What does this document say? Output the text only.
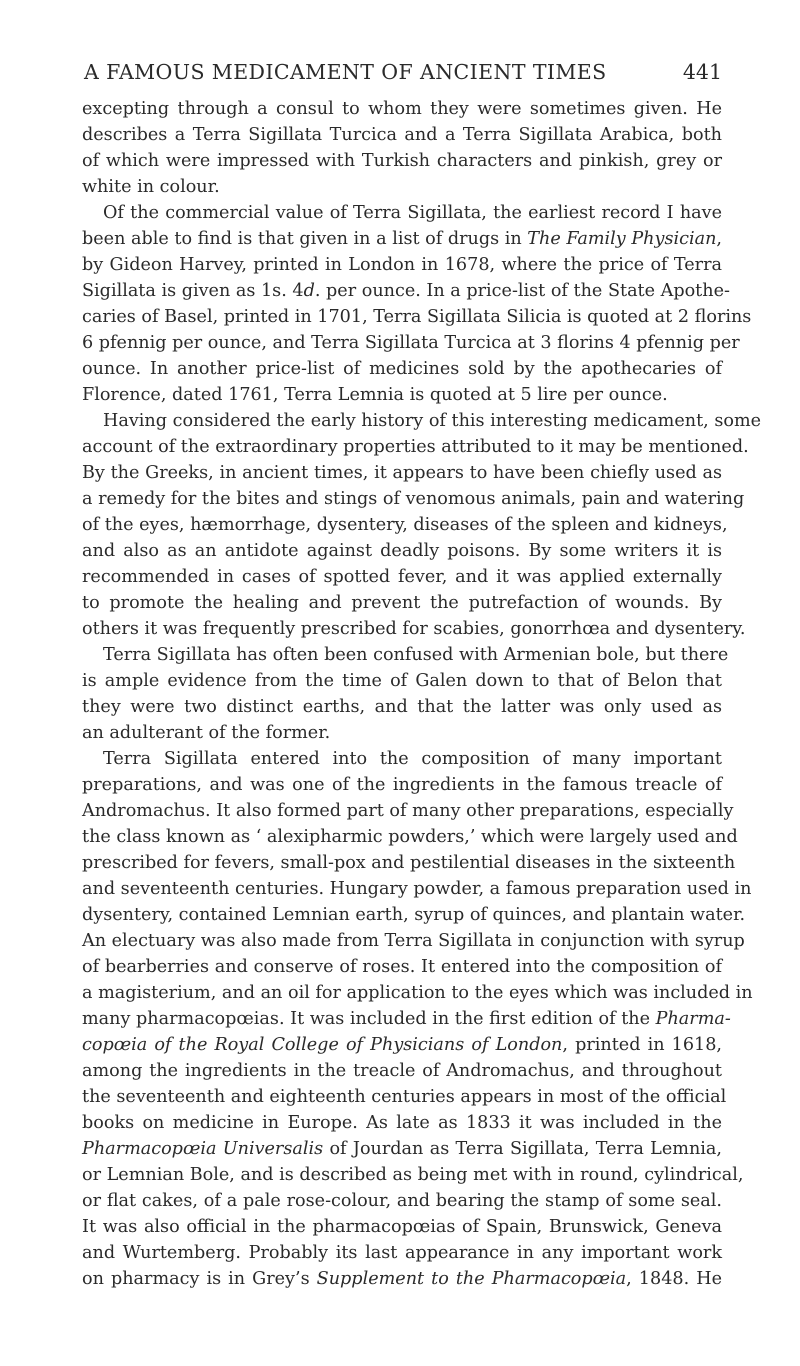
A FAMOUS MEDICAMENT OF ANCIENT TIMES	441
excepting through a consul to whom they were sometimes given. He
describes a Terra Sigillata Turcica and a Terra Sigillata Arabica, both
of which were impressed with Turkish characters and pinkish, grey or
white in colour.
Of the commercial value of Terra Sigillata, the earliest record I have
been able to find is that given in a list of drugs in The Family Physician,
by Gideon Harvey, printed in London in 1678, where the price of Terra
Sigillata is given as 1s. 4d. per ounce. In a price-list of the State Apothe-
caries of Basel, printed in 1701, Terra Sigillata Silicia is quoted at 2 florins
6 pfennig per ounce, and Terra Sigillata Turcica at 3 florins 4 pfennig per
ounce. In another price-list of medicines sold by the apothecaries of
Florence, dated 1761, Terra Lemnia is quoted at 5 lire per ounce.
Having considered the early history of this interesting medicament, some
account of the extraordinary properties attributed to it may be mentioned.
By the Greeks, in ancient times, it appears to have been chiefly used as
a remedy for the bites and stings of venomous animals, pain and watering
of the eyes, hæmorrhage, dysentery, diseases of the spleen and kidneys,
and also as an antidote against deadly poisons. By some writers it is
recommended in cases of spotted fever, and it was applied externally
to promote the healing and prevent the putrefaction of wounds. By
others it was frequently prescribed for scabies, gonorrhœa and dysentery.
Terra Sigillata has often been confused with Armenian bole, but there
is ample evidence from the time of Galen down to that of Belon that
they were two distinct earths, and that the latter was only used as
an adulterant of the former.
Terra Sigillata entered into the composition of many important
preparations, and was one of the ingredients in the famous treacle of
Andromachus. It also formed part of many other preparations, especially
the class known as ‘ alexipharmic powders,’ which were largely used and
prescribed for fevers, small-pox and pestilential diseases in the sixteenth
and seventeenth centuries. Hungary powder, a famous preparation used in
dysentery, contained Lemnian earth, syrup of quinces, and plantain water.
An electuary was also made from Terra Sigillata in conjunction with syrup
of bearberries and conserve of roses. It entered into the composition of
a magisterium, and an oil for application to the eyes which was included in
many pharmacopœias. It was included in the first edition of the Pharma-
copœia of the Royal College of Physicians of London, printed in 1618,
among the ingredients in the treacle of Andromachus, and throughout
the seventeenth and eighteenth centuries appears in most of the official
books on medicine in Europe. As late as 1833 it was included in the
Pharmacopœia Universalis of Jourdan as Terra Sigillata, Terra Lemnia,
or Lemnian Bole, and is described as being met with in round, cylindrical,
or flat cakes, of a pale rose-colour, and bearing the stamp of some seal.
It was also official in the pharmacopœias of Spain, Brunswick, Geneva
and Wurtemberg. Probably its last appearance in any important work
on pharmacy is in Grey’s Supplement to the Pharmacopœia, 1848. He
